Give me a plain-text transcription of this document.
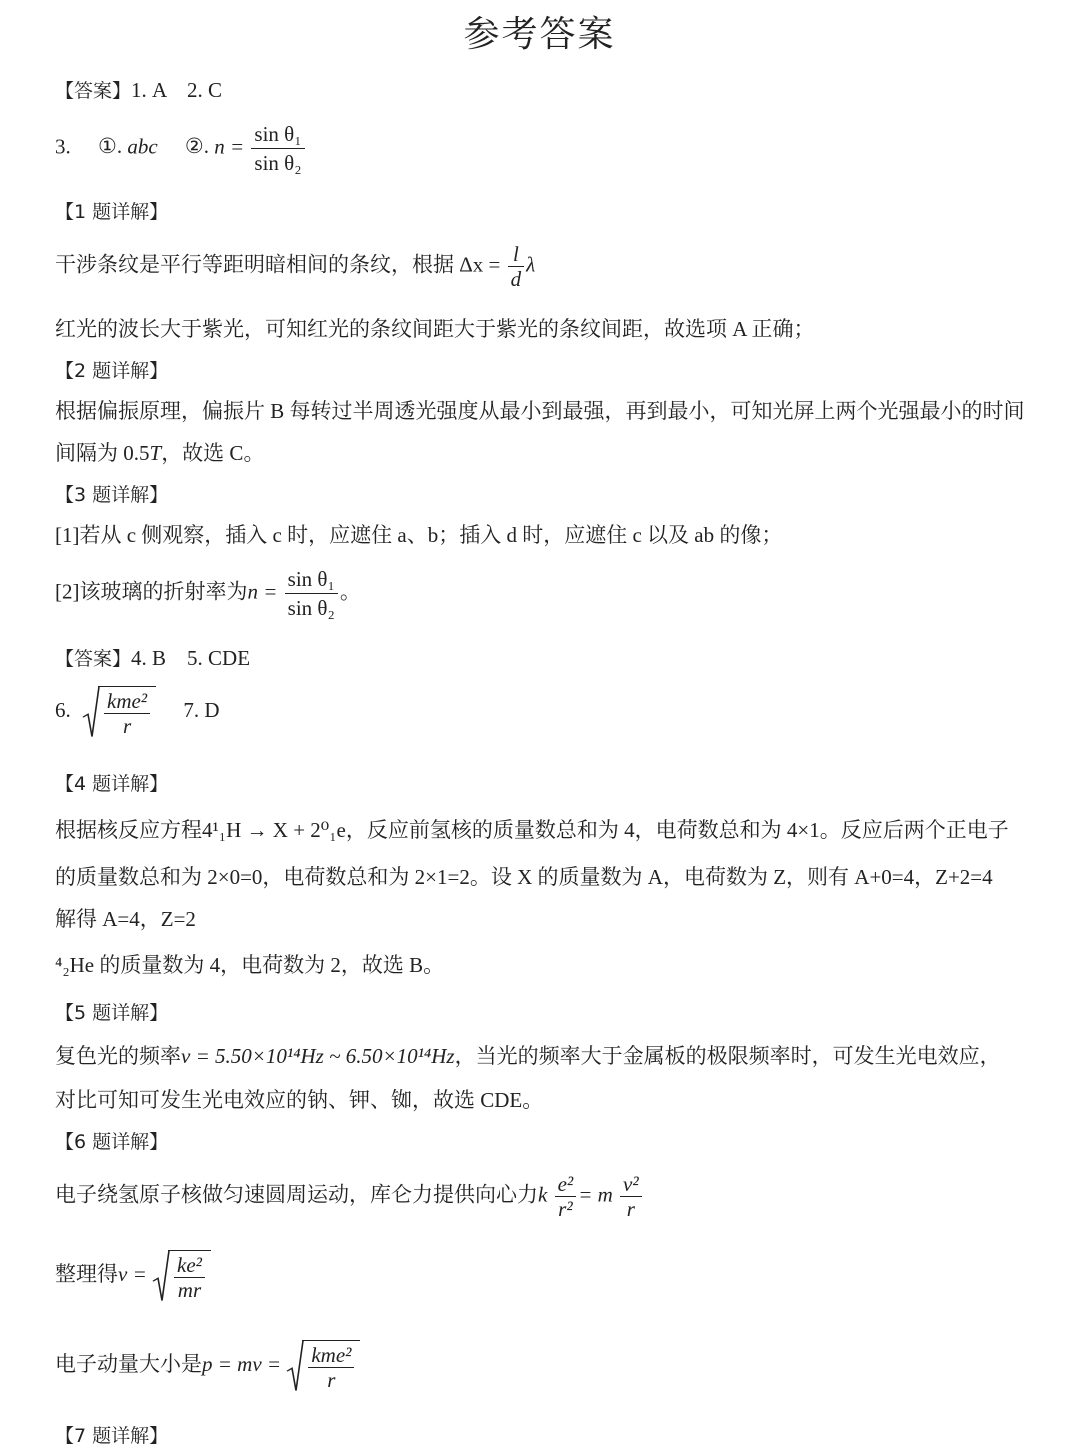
参考答案
【答案】1. A　2. C
3. ①. abc ②. $n = \frac{\text{sin θ₁}}{\text{sin θ₂}}$
【1 题详解】
干涉条纹是平行等距明暗相间的条纹，根据 $\Delta x = \frac{l}{d}$ λ
红光的波长大于紫光，可知红光的条纹间距大于紫光的条纹间距，故选项 A 正确；
【2 题详解】
根据偏振原理，偏振片 B 每转过半周透光强度从最小到最强，再到最小，可知光屏上两个光强最小的时间
间隔为 0.5T，故选 C。
【3 题详解】
[1]若从 c 侧观察，插入 c 时，应遮住 a、b；插入 d 时，应遮住 c 以及 ab 的像；
[2]该玻璃的折射率为$n = \frac{\text{sin θ₁}}{\text{sin θ₂}}$ 。
【答案】4. B　5. CDE
6. $\frac{\text{kme²}}{r} 7$. D
【4 题详解】
根据核反应方程4¹₁H → X + 2⁰₁e，反应前氢核的质量数总和为 4，电荷数总和为 4×1。反应后两个正电子
的质量数总和为 2×0=0，电荷数总和为 2×1=2。设 X 的质量数为 A，电荷数为 Z，则有 A+0=4，Z+2=4
解得 A=4，Z=2
⁴₂He 的质量数为 4，电荷数为 2，故选 B。
【5 题详解】
复色光的频率ν = 5.50×10¹⁴Hz ~ 6.50×10¹⁴Hz，当光的频率大于金属板的极限频率时，可发生光电效应，
对比可知可发生光电效应的钠、钾、铷，故选 CDE。
【6 题详解】
电子绕氢原子核做匀速圆周运动，库仑力提供向心力k $\frac{\text{e²}}{\text{r²}} = m \frac{\text{v²}}{r}$
整理得$v = \frac{\text{ke²}}{mr}$
电子动量大小是p = mv = $\frac{\text{kme²}}{r}$
【7 题详解】
